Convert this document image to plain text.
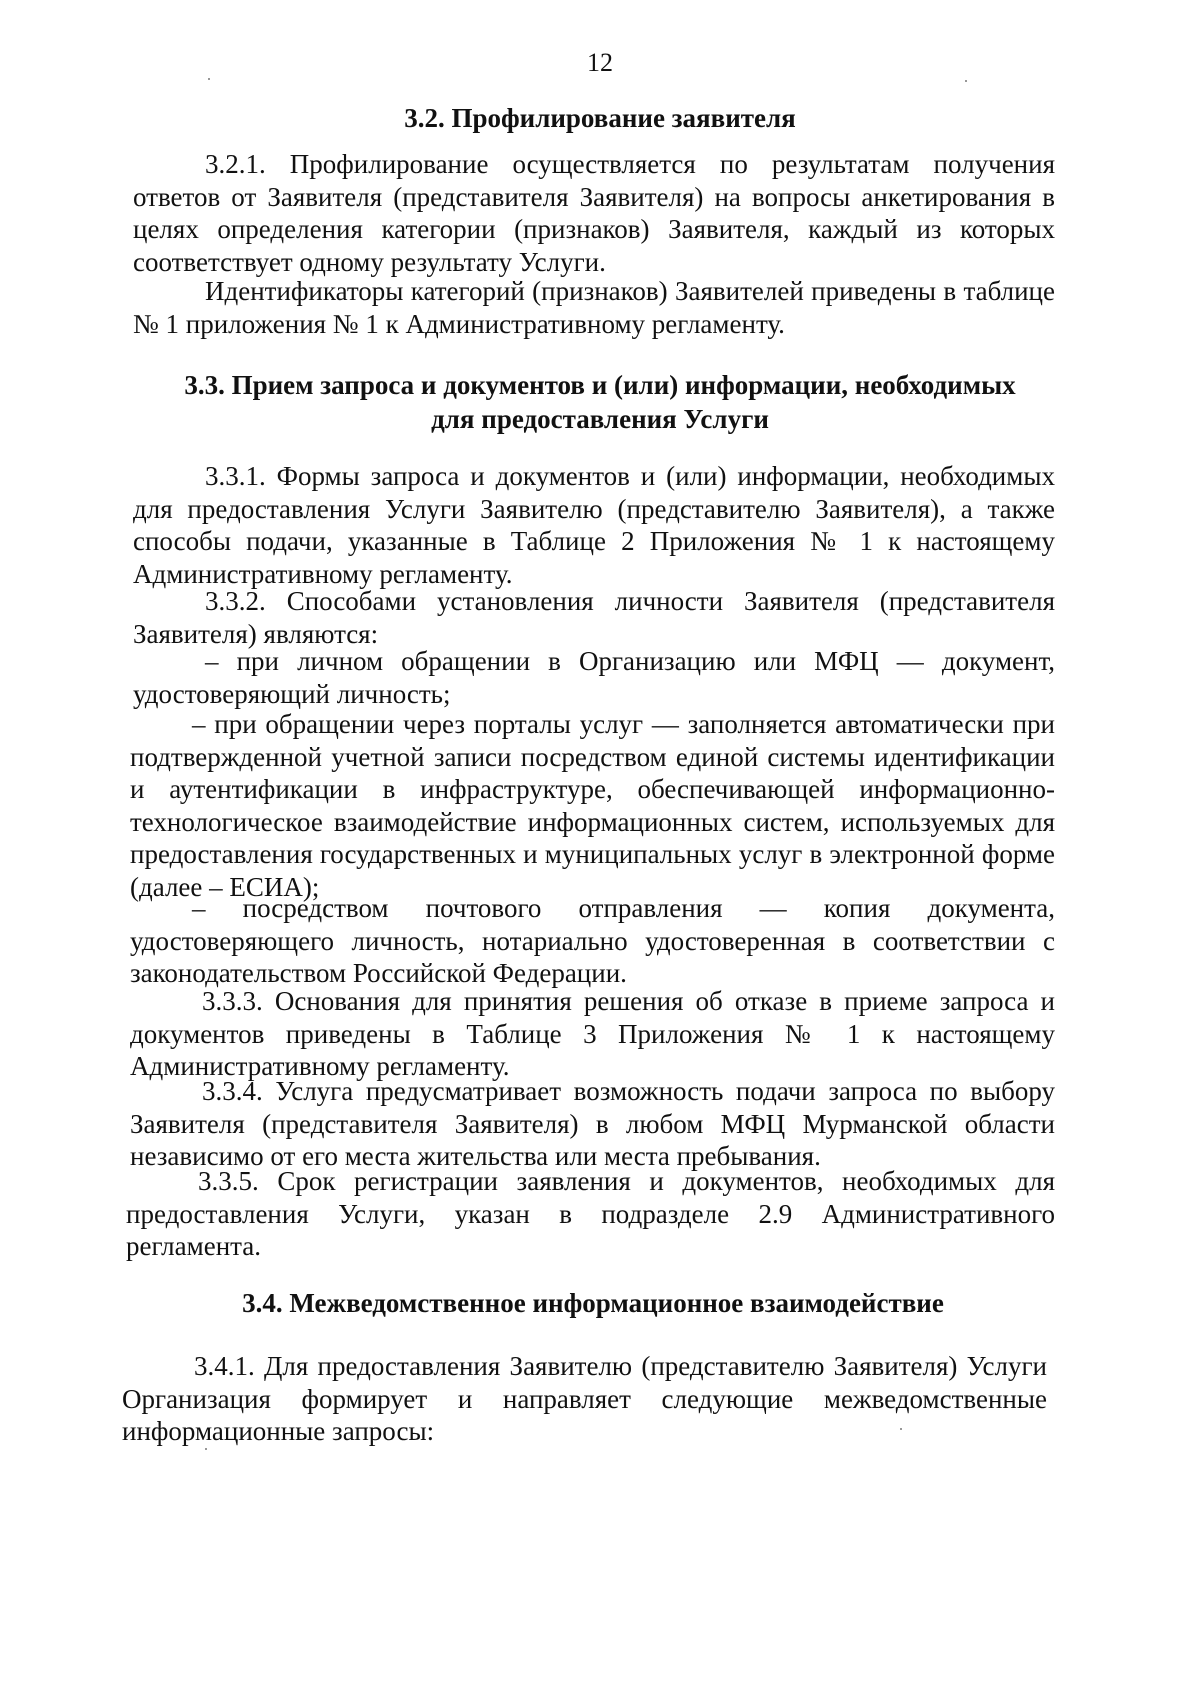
12
3.2. Профилирование заявителя
3.2.1. Профилирование осуществляется по результатам получения ответов от Заявителя (представителя Заявителя) на вопросы анкетирования в целях определения категории (признаков) Заявителя, каждый из которых соответствует одному результату Услуги.
Идентификаторы категорий (признаков) Заявителей приведены в таблице № 1 приложения № 1 к Административному регламенту.
3.3. Прием запроса и документов и (или) информации, необходимых
для предоставления Услуги
3.3.1. Формы запроса и документов и (или) информации, необходимых для предоставления Услуги Заявителю (представителю Заявителя), а также способы подачи, указанные в Таблице 2 Приложения № 1 к настоящему Административному регламенту.
3.3.2. Способами установления личности Заявителя (представителя Заявителя) являются:
– при личном обращении в Организацию или МФЦ — документ, удостоверяющий личность;
– при обращении через порталы услуг — заполняется автоматически при подтвержденной учетной записи посредством единой системы идентификации и аутентификации в инфраструктуре, обеспечивающей информационно-технологическое взаимодействие информационных систем, используемых для предоставления государственных и муниципальных услуг в электронной форме (далее – ЕСИА);
– посредством почтового отправления — копия документа, удостоверяющего личность, нотариально удостоверенная в соответствии с законодательством Российской Федерации.
3.3.3. Основания для принятия решения об отказе в приеме запроса и документов приведены в Таблице 3 Приложения № 1 к настоящему Административному регламенту.
3.3.4. Услуга предусматривает возможность подачи запроса по выбору Заявителя (представителя Заявителя) в любом МФЦ Мурманской области независимо от его места жительства или места пребывания.
3.3.5. Срок регистрации заявления и документов, необходимых для предоставления Услуги, указан в подразделе 2.9 Административного регламента.
3.4. Межведомственное информационное взаимодействие
3.4.1. Для предоставления Заявителю (представителю Заявителя) Услуги Организация формирует и направляет следующие межведомственные информационные запросы:
